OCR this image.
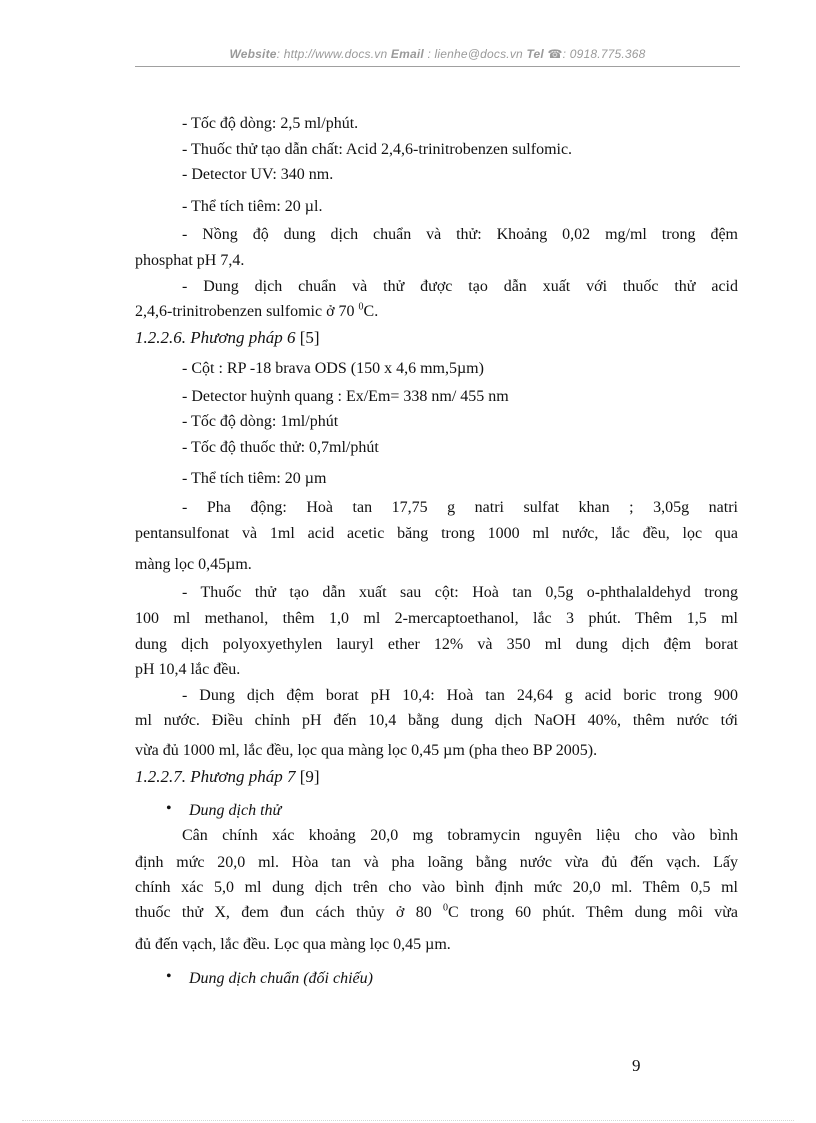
Website: http://www.docs.vn Email : lienhe@docs.vn Tel ☎: 0918.775.368
- Tốc độ dòng: 2,5 ml/phút.
- Thuốc thử tạo dẫn chất: Acid 2,4,6-trinitrobenzen sulfomic.
- Detector UV: 340 nm.
- Thể tích tiêm: 20 µl.
- Nồng độ dung dịch chuẩn và thử: Khoảng 0,02 mg/ml trong đệm
phosphat pH 7,4.
- Dung dịch chuẩn và thử được tạo dẫn xuất với thuốc thử acid
2,4,6-trinitrobenzen sulfomic ở 70 $^0$C.
1.2.2.6. Phương pháp 6 [5]
- Cột : RP -18 brava ODS (150 x 4,6 mm,5µm)
- Detector huỳnh quang : Ex/Em= 338 nm/ 455 nm
- Tốc độ dòng: 1ml/phút
- Tốc độ thuốc thử: 0,7ml/phút
- Thể tích tiêm: 20 µm
- Pha động: Hoà tan 17,75 g natri sulfat khan ; 3,05g natri
pentansulfonat và 1ml acid acetic băng trong 1000 ml nước, lắc đều, lọc qua
màng lọc 0,45µm.
- Thuốc thử tạo dẫn xuất sau cột: Hoà tan 0,5g o-phthalaldehyd trong
100 ml methanol, thêm 1,0 ml 2-mercaptoethanol, lắc 3 phút. Thêm 1,5 ml
dung dịch polyoxyethylen lauryl ether 12% và 350 ml dung dịch đệm borat
pH 10,4 lắc đều.
- Dung dịch đệm borat pH 10,4: Hoà tan 24,64 g acid boric trong 900
ml nước. Điều chỉnh pH đến 10,4 bằng dung dịch NaOH 40%, thêm nước tới
vừa đủ 1000 ml, lắc đều, lọc qua màng lọc 0,45 µm (pha theo BP 2005).
1.2.2.7. Phương pháp 7 [9]
• Dung dịch thử
Cân chính xác khoảng 20,0 mg tobramycin nguyên liệu cho vào bình
định mức 20,0 ml. Hòa tan và pha loãng bằng nước vừa đủ đến vạch. Lấy
chính xác 5,0 ml dung dịch trên cho vào bình định mức 20,0 ml. Thêm 0,5 ml
thuốc thử X, đem đun cách thủy ở 80 $^0$C trong 60 phút. Thêm dung môi vừa
đủ đến vạch, lắc đều. Lọc qua màng lọc 0,45 µm.
• Dung dịch chuẩn (đối chiếu)
9
